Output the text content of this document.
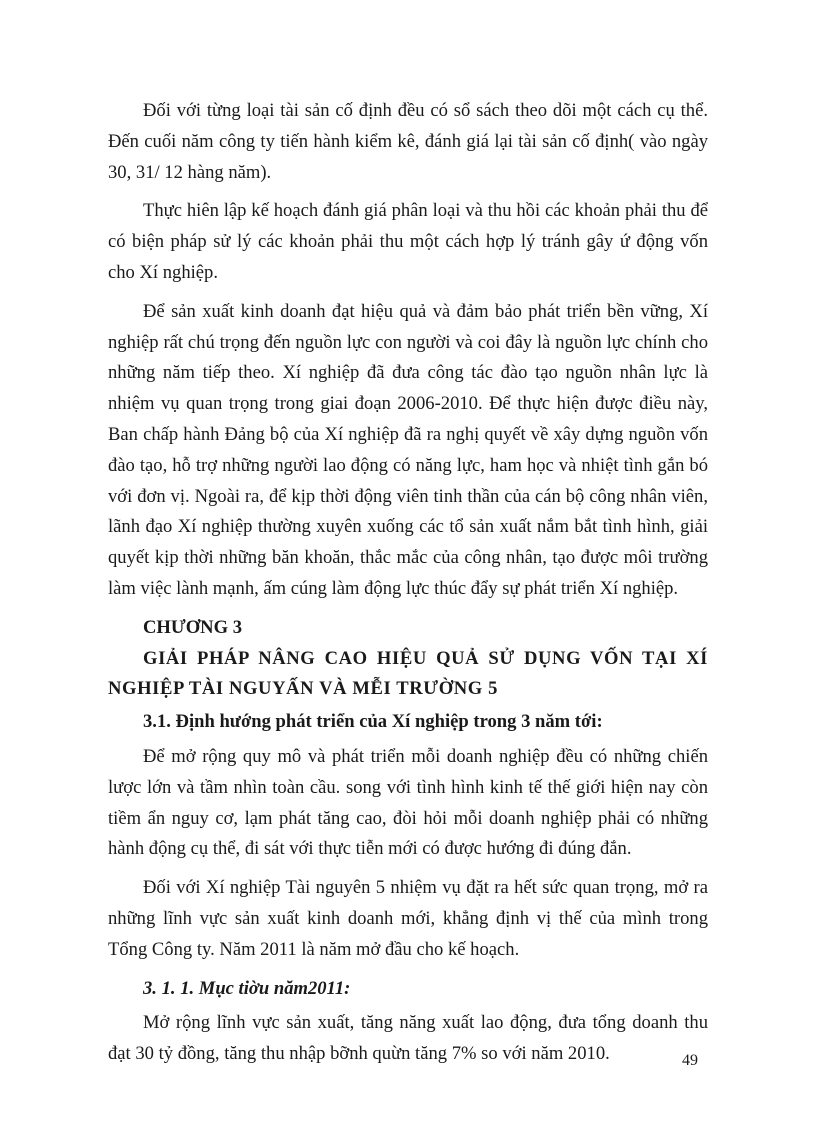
Đối với từng loại tài sản cố định đều có sổ sách theo dõi một cách cụ thể. Đến cuối năm công ty tiến hành kiểm kê, đánh giá lại tài sản cố định( vào ngày 30, 31/ 12 hàng năm).

Thực hiên lập kế hoạch đánh giá phân loại và thu hồi các khoản phải thu để có biện pháp sử lý các khoản phải thu một cách hợp lý tránh gây ứ động vốn cho Xí nghiệp.

Để sản xuất kinh doanh đạt hiệu quả và đảm bảo phát triển bền vững, Xí nghiệp rất chú trọng đến nguồn lực con người và coi đây là nguồn lực chính cho những năm tiếp theo. Xí nghiệp đã đưa công tác đào tạo nguồn nhân lực là nhiệm vụ quan trọng trong giai đoạn 2006-2010. Để thực hiện được điều này, Ban chấp hành Đảng bộ của Xí nghiệp đã ra nghị quyết về xây dựng nguồn vốn đào tạo, hỗ trợ những người lao động có năng lực, ham học và nhiệt tình gắn bó với đơn vị. Ngoài ra, để kịp thời động viên tinh thần của cán bộ công nhân viên, lãnh đạo Xí nghiệp thường xuyên xuống các tổ sản xuất nắm bắt tình hình, giải quyết kịp thời những băn khoăn, thắc mắc của công nhân, tạo được môi trường làm việc lành mạnh, ấm cúng làm động lực thúc đẩy sự phát triển Xí nghiệp.

CHƯƠNG 3

GIẢI PHÁP NÂNG CAO HIỆU QUẢ SỬ DỤNG VỐN TẠI XÍ NGHIỆP TÀI NGUYẤN VÀ MỄI TRƯỜNG 5

3.1. Định hướng phát triển của Xí nghiệp trong 3 năm tới:

Để mở rộng quy mô và phát triển mỗi doanh nghiệp đều có những chiến lược lớn và tầm nhìn toàn cầu. song với tình hình kinh tế thế giới hiện nay còn tiềm ẩn nguy cơ, lạm phát tăng cao, đòi hỏi mỗi doanh nghiệp phải có những hành động cụ thể, đi sát với thực tiễn mới có được hướng đi đúng đắn.

Đối với Xí nghiệp Tài nguyên 5 nhiệm vụ đặt ra hết sức quan trọng, mở ra những lĩnh vực sản xuất kinh doanh mới, khẳng định vị thế của mình trong Tổng Công ty. Năm 2011 là năm mở đầu cho kế hoạch.

3. 1. 1. Mục tiờu năm2011:

Mở rộng lĩnh vực sản xuất, tăng năng xuất lao động, đưa tổng doanh thu đạt 30 tỷ đồng, tăng thu nhập bỡnh quừn tăng 7% so với năm 2010.	49
